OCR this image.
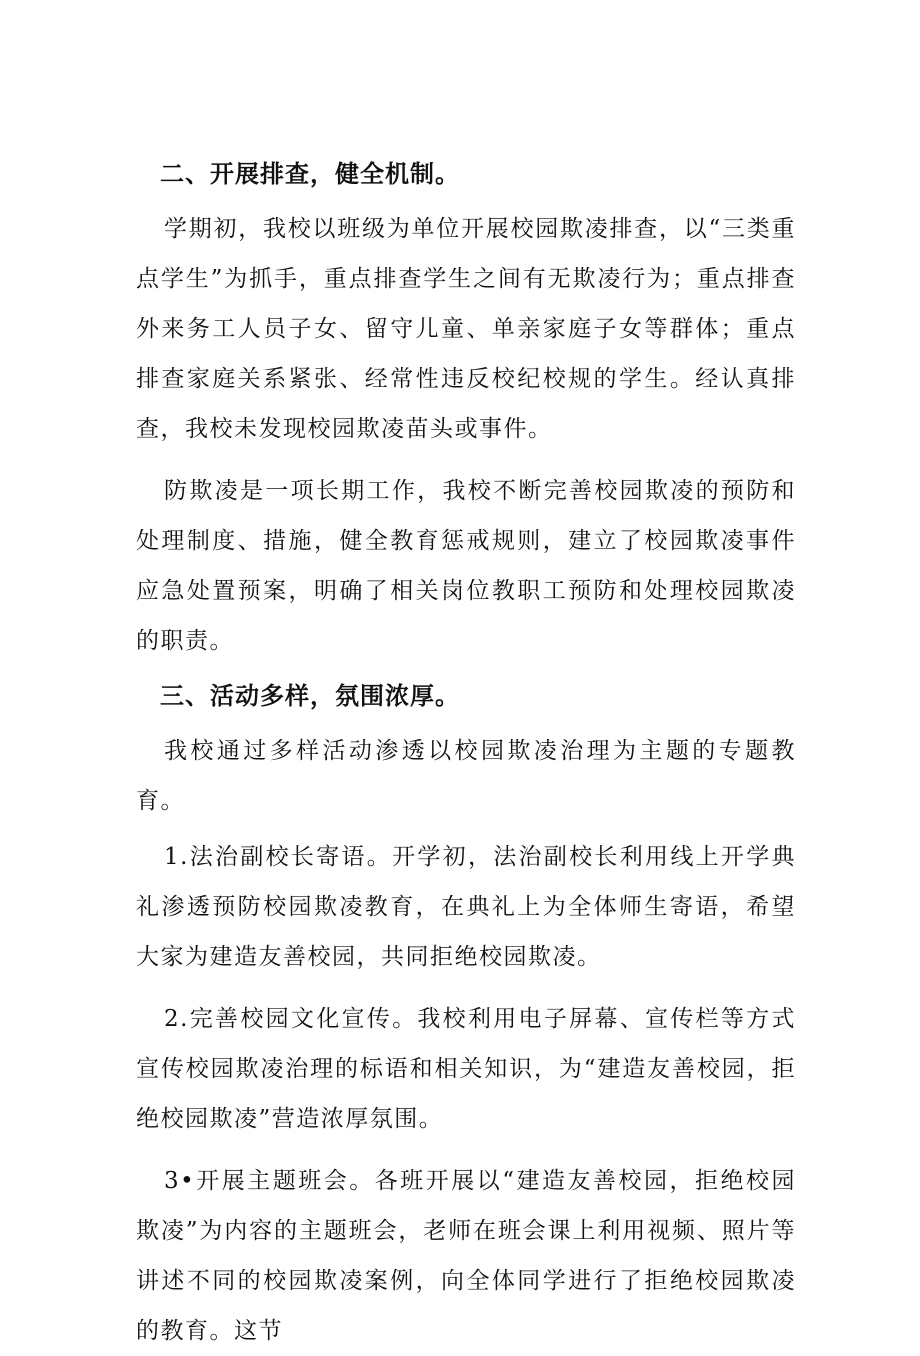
二、开展排查，健全机制。

学期初，我校以班级为单位开展校园欺凌排查，以“三类重点学生”为抓手，重点排查学生之间有无欺凌行为；重点排查外来务工人员子女、留守儿童、单亲家庭子女等群体；重点排查家庭关系紧张、经常性违反校纪校规的学生。经认真排查，我校未发现校园欺凌苗头或事件。

防欺凌是一项长期工作，我校不断完善校园欺凌的预防和处理制度、措施，健全教育惩戒规则，建立了校园欺凌事件应急处置预案，明确了相关岗位教职工预防和处理校园欺凌的职责。

三、活动多样，氛围浓厚。

我校通过多样活动渗透以校园欺凌治理为主题的专题教育。

1.法治副校长寄语。开学初，法治副校长利用线上开学典礼渗透预防校园欺凌教育，在典礼上为全体师生寄语，希望大家为建造友善校园，共同拒绝校园欺凌。

2.完善校园文化宣传。我校利用电子屏幕、宣传栏等方式宣传校园欺凌治理的标语和相关知识，为“建造友善校园，拒绝校园欺凌”营造浓厚氛围。

3•开展主题班会。各班开展以“建造友善校园，拒绝校园欺凌”为内容的主题班会，老师在班会课上利用视频、照片等讲述不同的校园欺凌案例，向全体同学进行了拒绝校园欺凌的教育。这节
